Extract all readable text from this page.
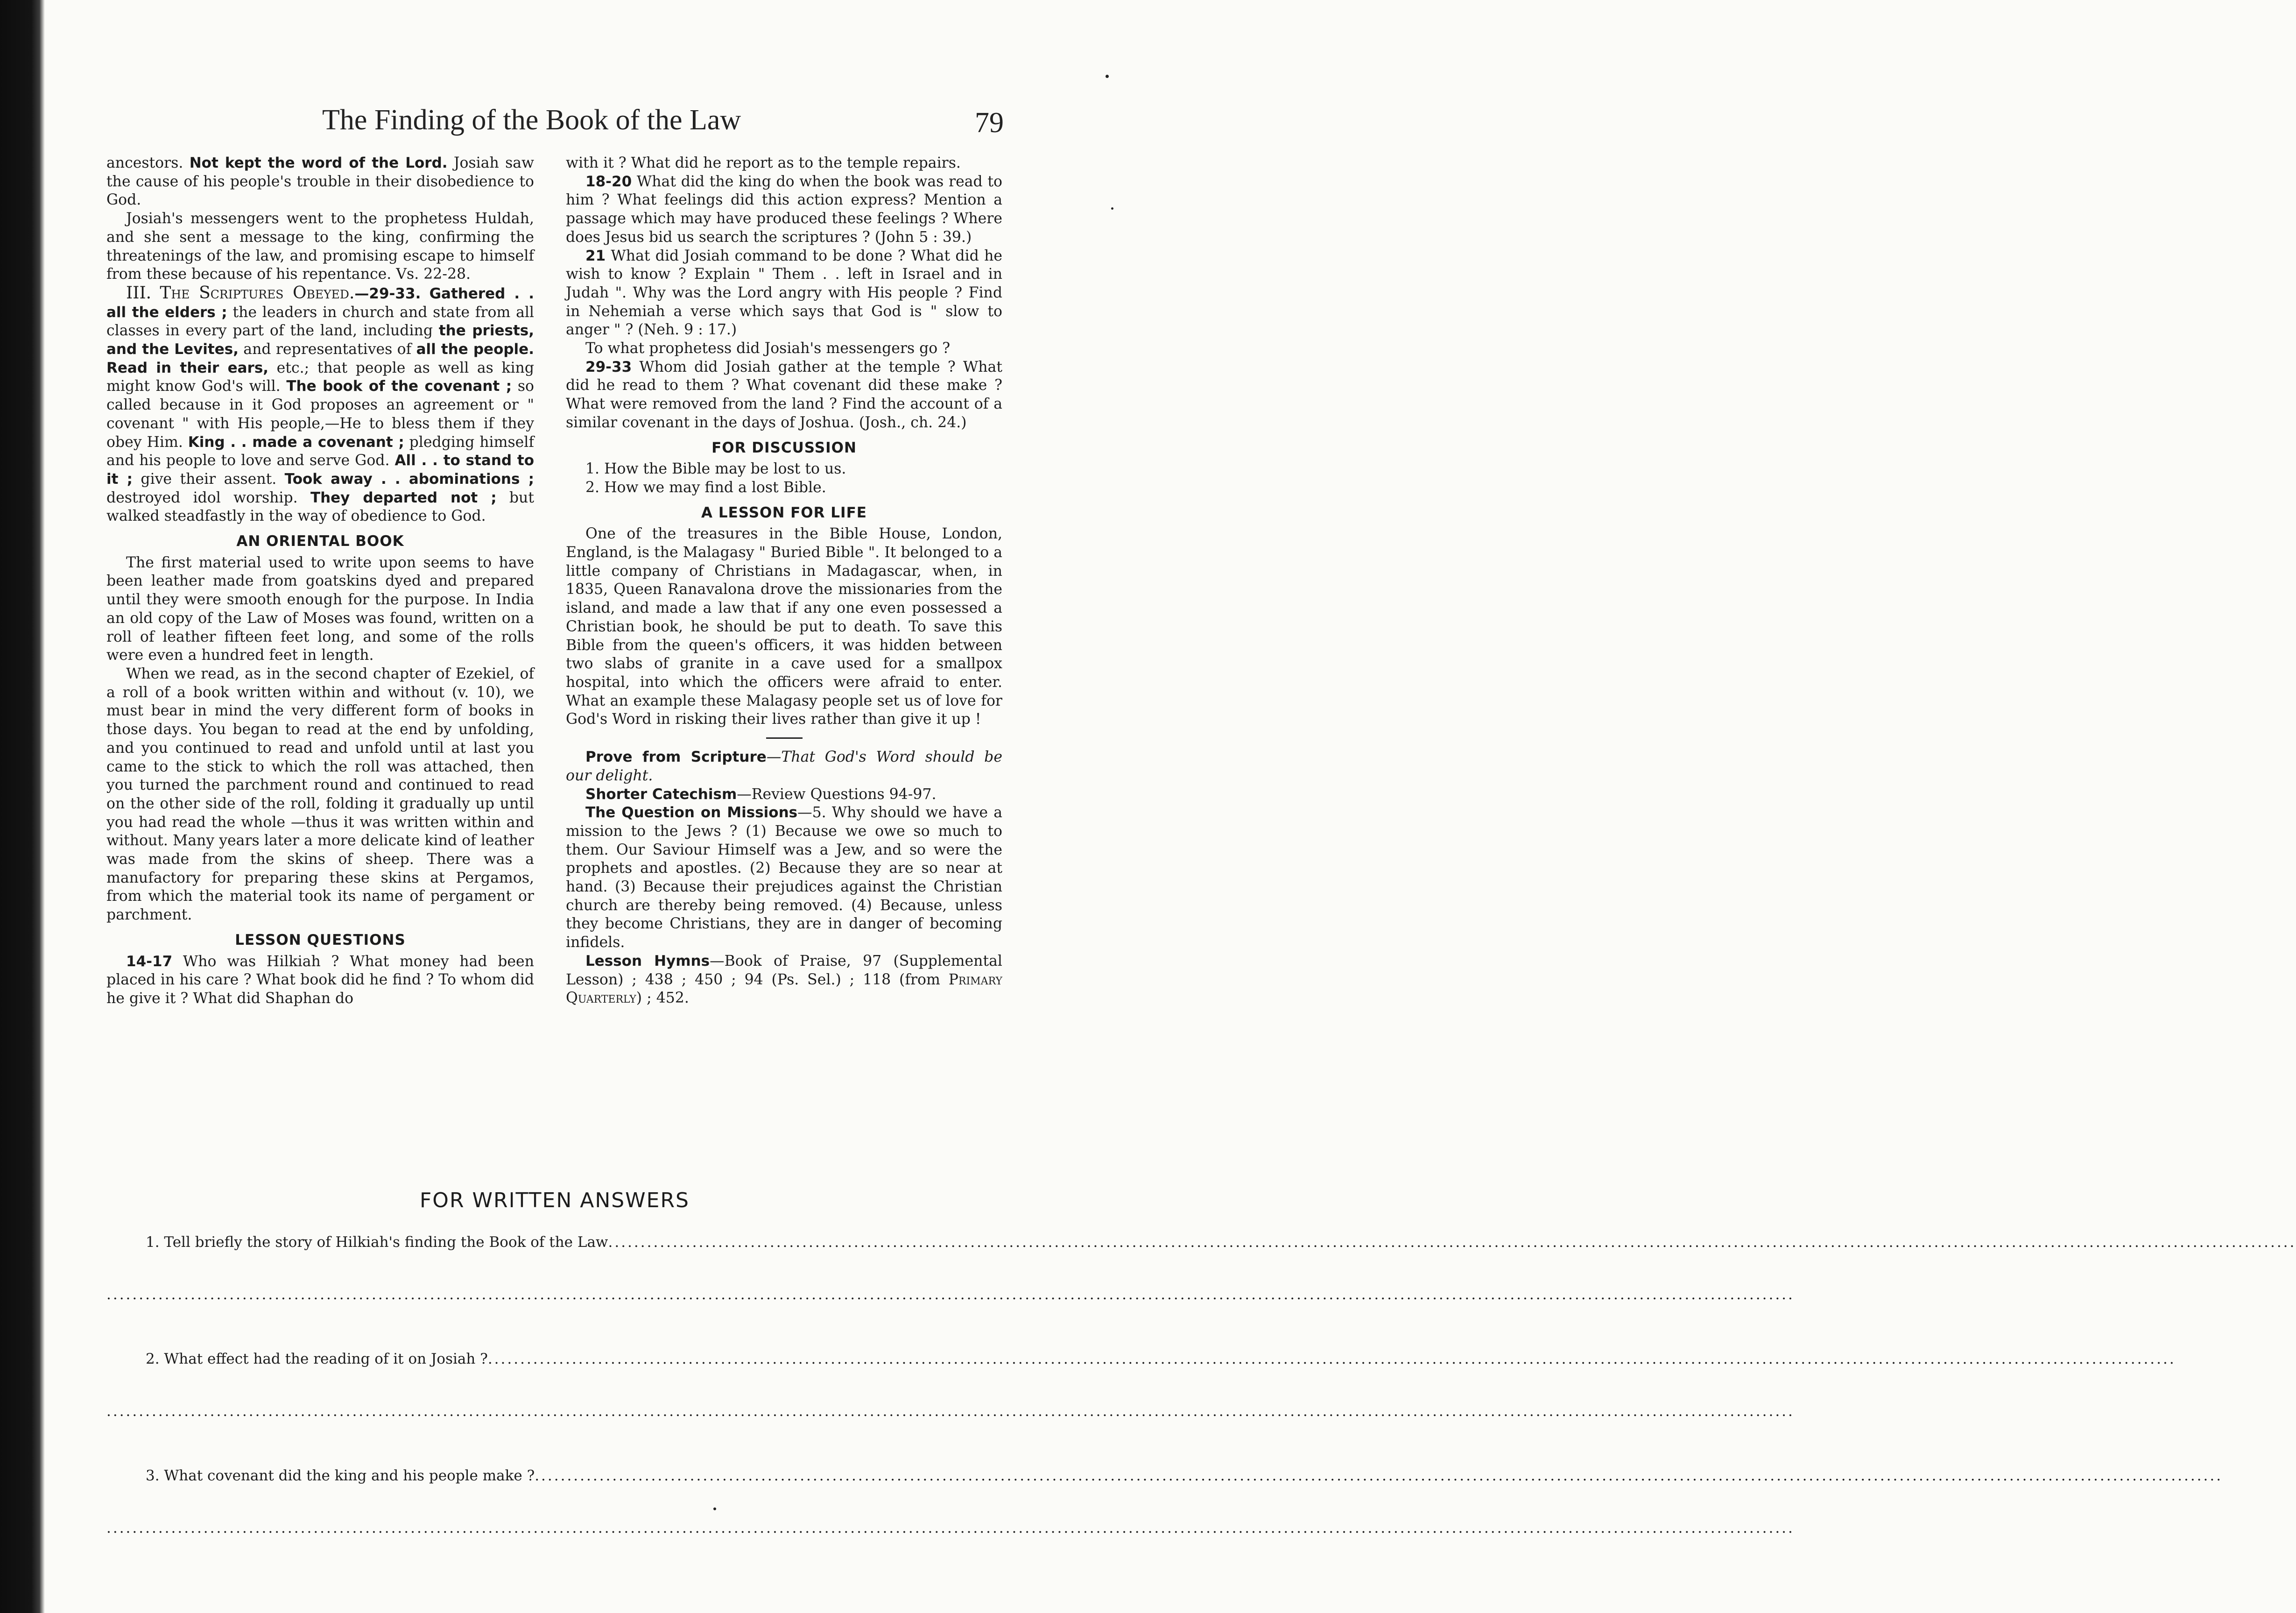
The Finding of the Book of the Law	79

ancestors. Not kept the word of the Lord. Josiah saw the cause of his people's trouble in their disobedience to God.

Josiah's messengers went to the prophetess Huldah, and she sent a message to the king, confirming the threatenings of the law, and promising escape to himself from these because of his repentance. Vs. 22-28.

III. The Scriptures Obeyed.—29-33. Gathered . . all the elders ; the leaders in church and state from all classes in every part of the land, including the priests, and the Levites, and representatives of all the people. Read in their ears, etc.; that people as well as king might know God's will. The book of the covenant ; so called because in it God proposes an agreement or " covenant " with His people,—He to bless them if they obey Him. King . . made a covenant ; pledging himself and his people to love and serve God. All . . to stand to it ; give their assent. Took away . . abominations ; destroyed idol worship. They departed not ; but walked steadfastly in the way of obedience to God.

AN ORIENTAL BOOK

The first material used to write upon seems to have been leather made from goatskins dyed and prepared until they were smooth enough for the purpose. In India an old copy of the Law of Moses was found, written on a roll of leather fifteen feet long, and some of the rolls were even a hundred feet in length.

When we read, as in the second chapter of Ezekiel, of a roll of a book written within and without (v. 10), we must bear in mind the very different form of books in those days. You began to read at the end by unfolding, and you continued to read and unfold until at last you came to the stick to which the roll was attached, then you turned the parchment round and continued to read on the other side of the roll, folding it gradually up until you had read the whole —thus it was written within and without. Many years later a more delicate kind of leather was made from the skins of sheep. There was a manufactory for preparing these skins at Pergamos, from which the material took its name of pergament or parchment.

LESSON QUESTIONS

14-17 Who was Hilkiah ? What money had been placed in his care ? What book did he find ? To whom did he give it ? What did Shaphan do

with it ? What did he report as to the temple repairs.

18-20 What did the king do when the book was read to him ? What feelings did this action express? Mention a passage which may have produced these feelings ? Where does Jesus bid us search the scriptures ? (John 5 : 39.)

21 What did Josiah command to be done ? What did he wish to know ? Explain " Them . . left in Israel and in Judah ". Why was the Lord angry with His people ? Find in Nehemiah a verse which says that God is " slow to anger " ? (Neh. 9 : 17.)

To what prophetess did Josiah's messengers go ?

29-33 Whom did Josiah gather at the temple ? What did he read to them ? What covenant did these make ? What were removed from the land ? Find the account of a similar covenant in the days of Joshua. (Josh., ch. 24.)

FOR DISCUSSION

1. How the Bible may be lost to us.

2. How we may find a lost Bible.

A LESSON FOR LIFE

One of the treasures in the Bible House, London, England, is the Malagasy " Buried Bible ". It belonged to a little company of Christians in Madagascar, when, in 1835, Queen Ranavalona drove the missionaries from the island, and made a law that if any one even possessed a Christian book, he should be put to death. To save this Bible from the queen's officers, it was hidden between two slabs of granite in a cave used for a smallpox hospital, into which the officers were afraid to enter. What an example these Malagasy people set us of love for God's Word in risking their lives rather than give it up !

Prove from Scripture—That God's Word should be our delight.

Shorter Catechism—Review Questions 94-97.

The Question on Missions—5. Why should we have a mission to the Jews ? (1) Because we owe so much to them. Our Saviour Himself was a Jew, and so were the prophets and apostles. (2) Because they are so near at hand. (3) Because their prejudices against the Christian church are thereby being removed. (4) Because, unless they become Christians, they are in danger of becoming infidels.

Lesson Hymns—Book of Praise, 97 (Supplemental Lesson) ; 438 ; 450 ; 94 (Ps. Sel.) ; 118 (from Primary Quarterly) ; 452.

FOR WRITTEN ANSWERS
1. Tell briefly the story of Hilkiah's finding the Book of the Law .....................................................................................................................................................................................................................................................................
.....................................................................................................................................................................................................................................................................
2. What effect had the reading of it on Josiah ? .....................................................................................................................................................................................................................................................................
.....................................................................................................................................................................................................................................................................
3. What covenant did the king and his people make ? .....................................................................................................................................................................................................................................................................
.....................................................................................................................................................................................................................................................................
